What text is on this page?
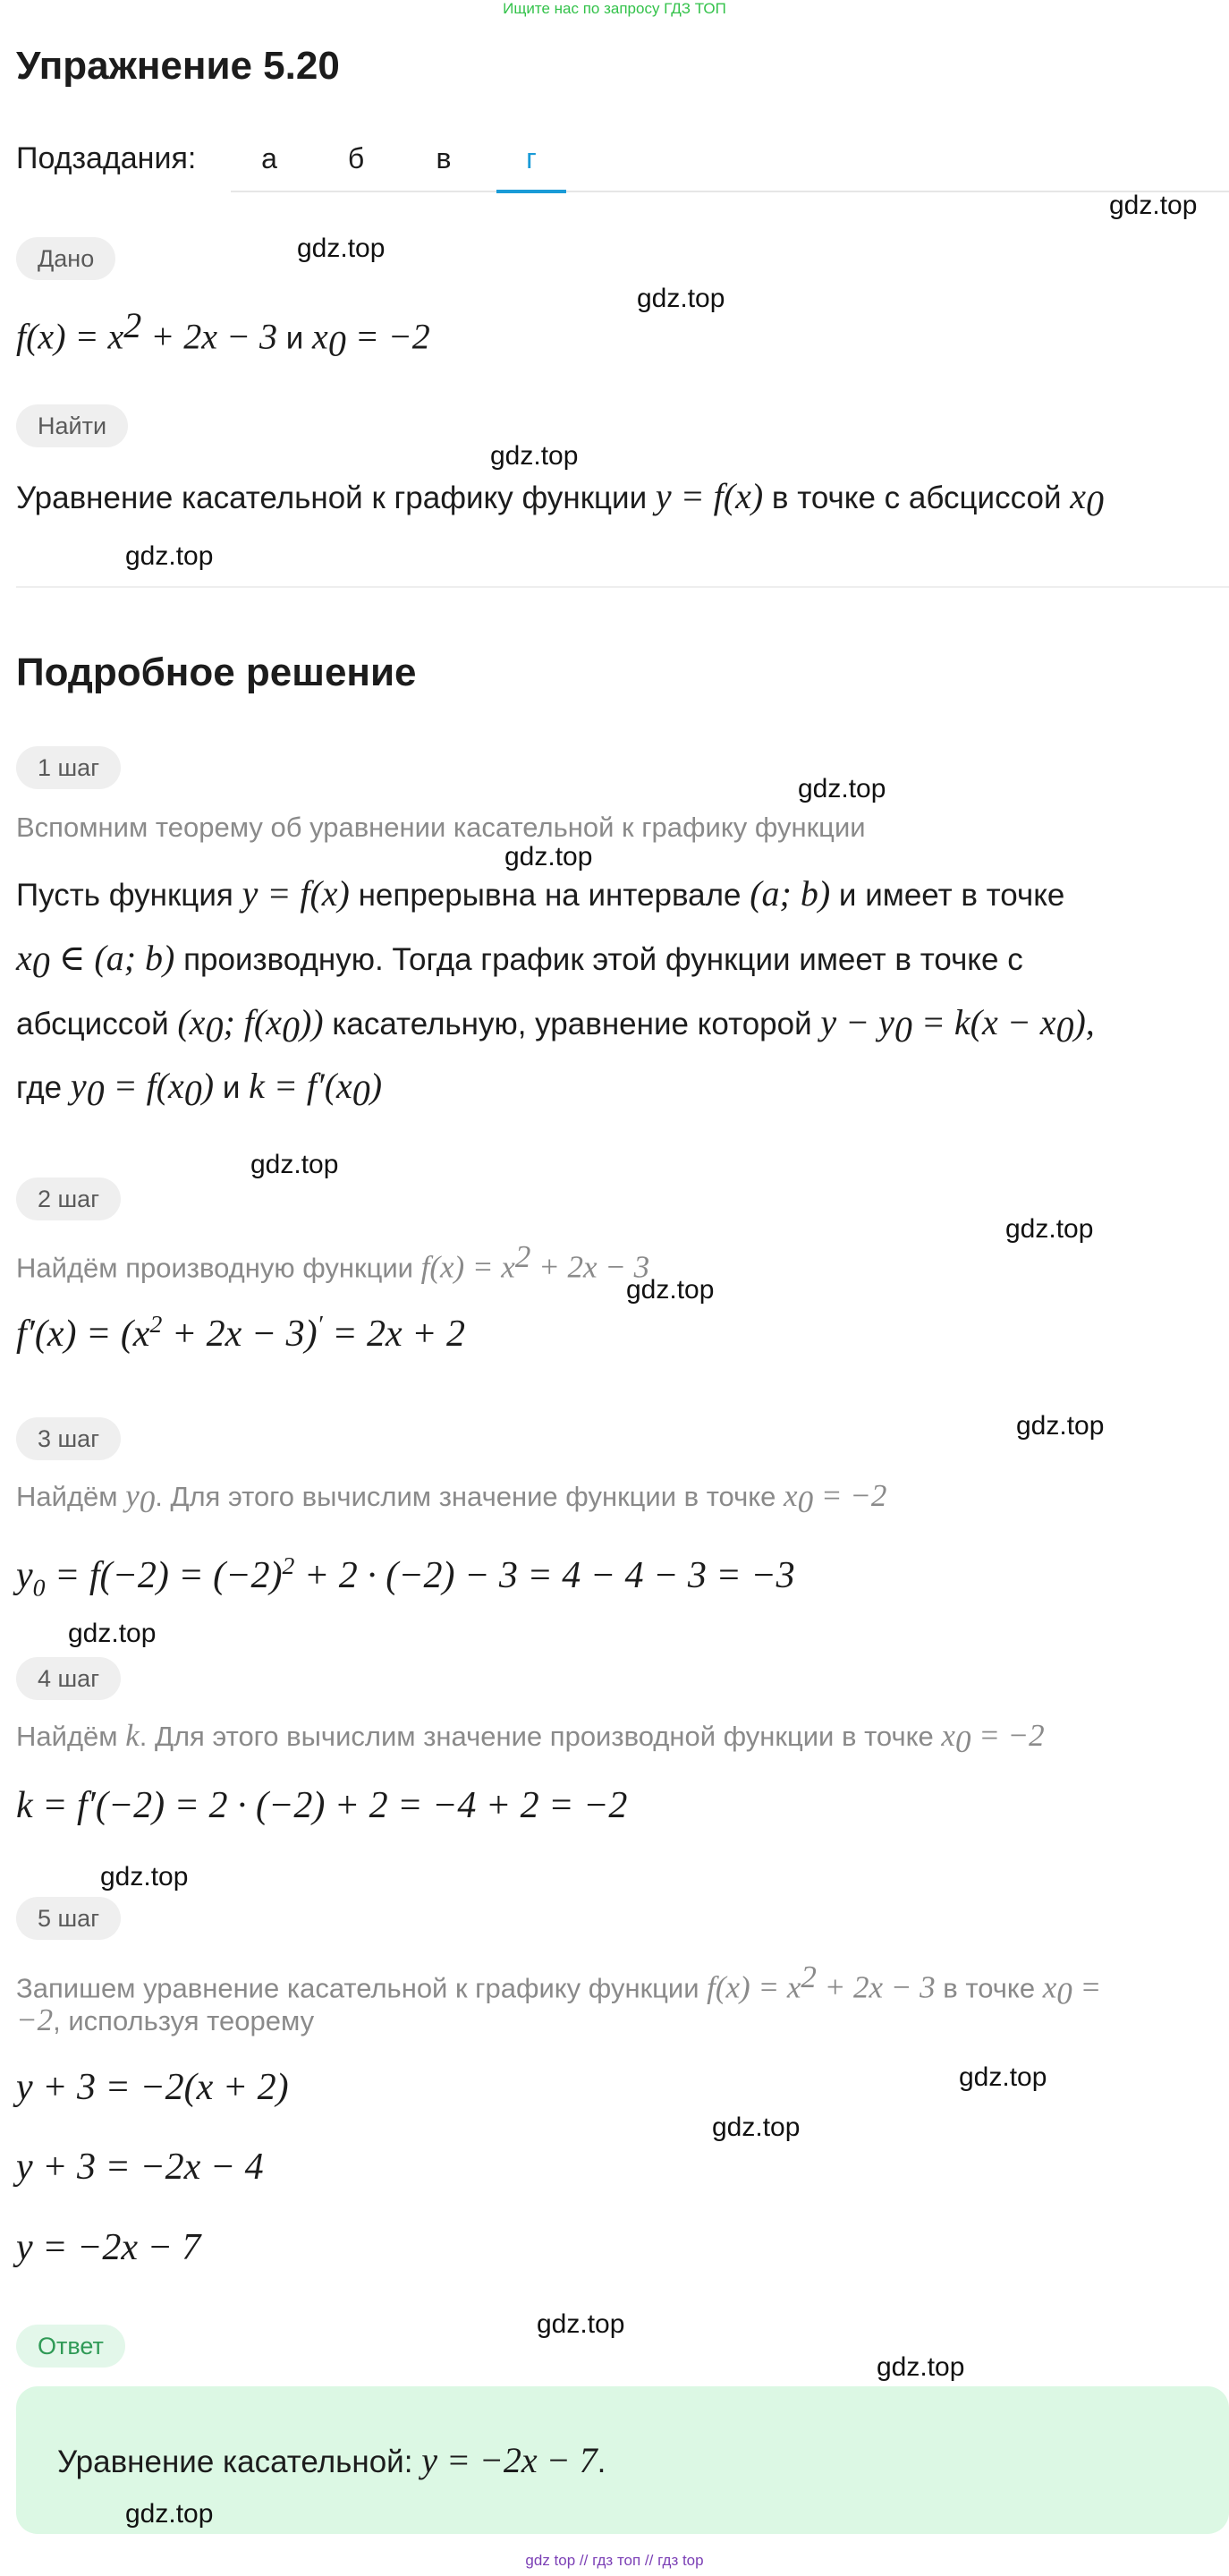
Ищите нас по запросу ГДЗ ТОП
Упражнение 5.20
Подзадания:	а	б	в	г
Дано
$f(x) = x^2 + 2x - 3$ и $x_0 = -2$
Найти
Уравнение касательной к графику функции y = f(x) в точке с абсциссой $x_0$
Подробное решение
1 шаг
Вспомним теорему об уравнении касательной к графику функции
Пусть функция y = f(x) непрерывна на интервале (a; b) и имеет в точке
$x_0$ ∈ (a; b) производную. Тогда график этой функции имеет в точке с
абсциссой ($x_0$; $f(x_0)$) касательную, уравнение которой $y - y_0 = k(x - x_0)$,
где $y_0 = f(x_0)$ и $k = f'(x_0)$
2 шаг
Найдём производную функции $f(x) = x^2 + 2x - 3$
$f'(x) = (x^2 + 2x - 3)' = 2x + 2$
3 шаг
Найдём $y_0$. Для этого вычислим значение функции в точке $x_0 = -2$
$y_0 = f(-2) = (-2)^2 + 2 \cdot (-2) - 3 = 4 - 4 - 3 = -3$
4 шаг
Найдём k. Для этого вычислим значение производной функции в точке $x_0 = -2$
k = f′(−2) = 2 · (−2) + 2 = −4 + 2 = −2
5 шаг
Запишем уравнение касательной к графику функции $f(x) = x^2 + 2x - 3$ в точке $x_0$ =
−2, используя теорему
y + 3 = −2(x + 2)
y + 3 = −2x − 4
y = −2x − 7
Ответ
Уравнение касательной: y = −2x − 7.
gdz.top
gdz.top
gdz.top
gdz.top
gdz.top
gdz.top
gdz.top
gdz.top
gdz.top
gdz.top
gdz.top
gdz.top
gdz.top
gdz.top
gdz.top
gdz.top
gdz.top
gdz.top
gdz top // гдз топ // гдз top
